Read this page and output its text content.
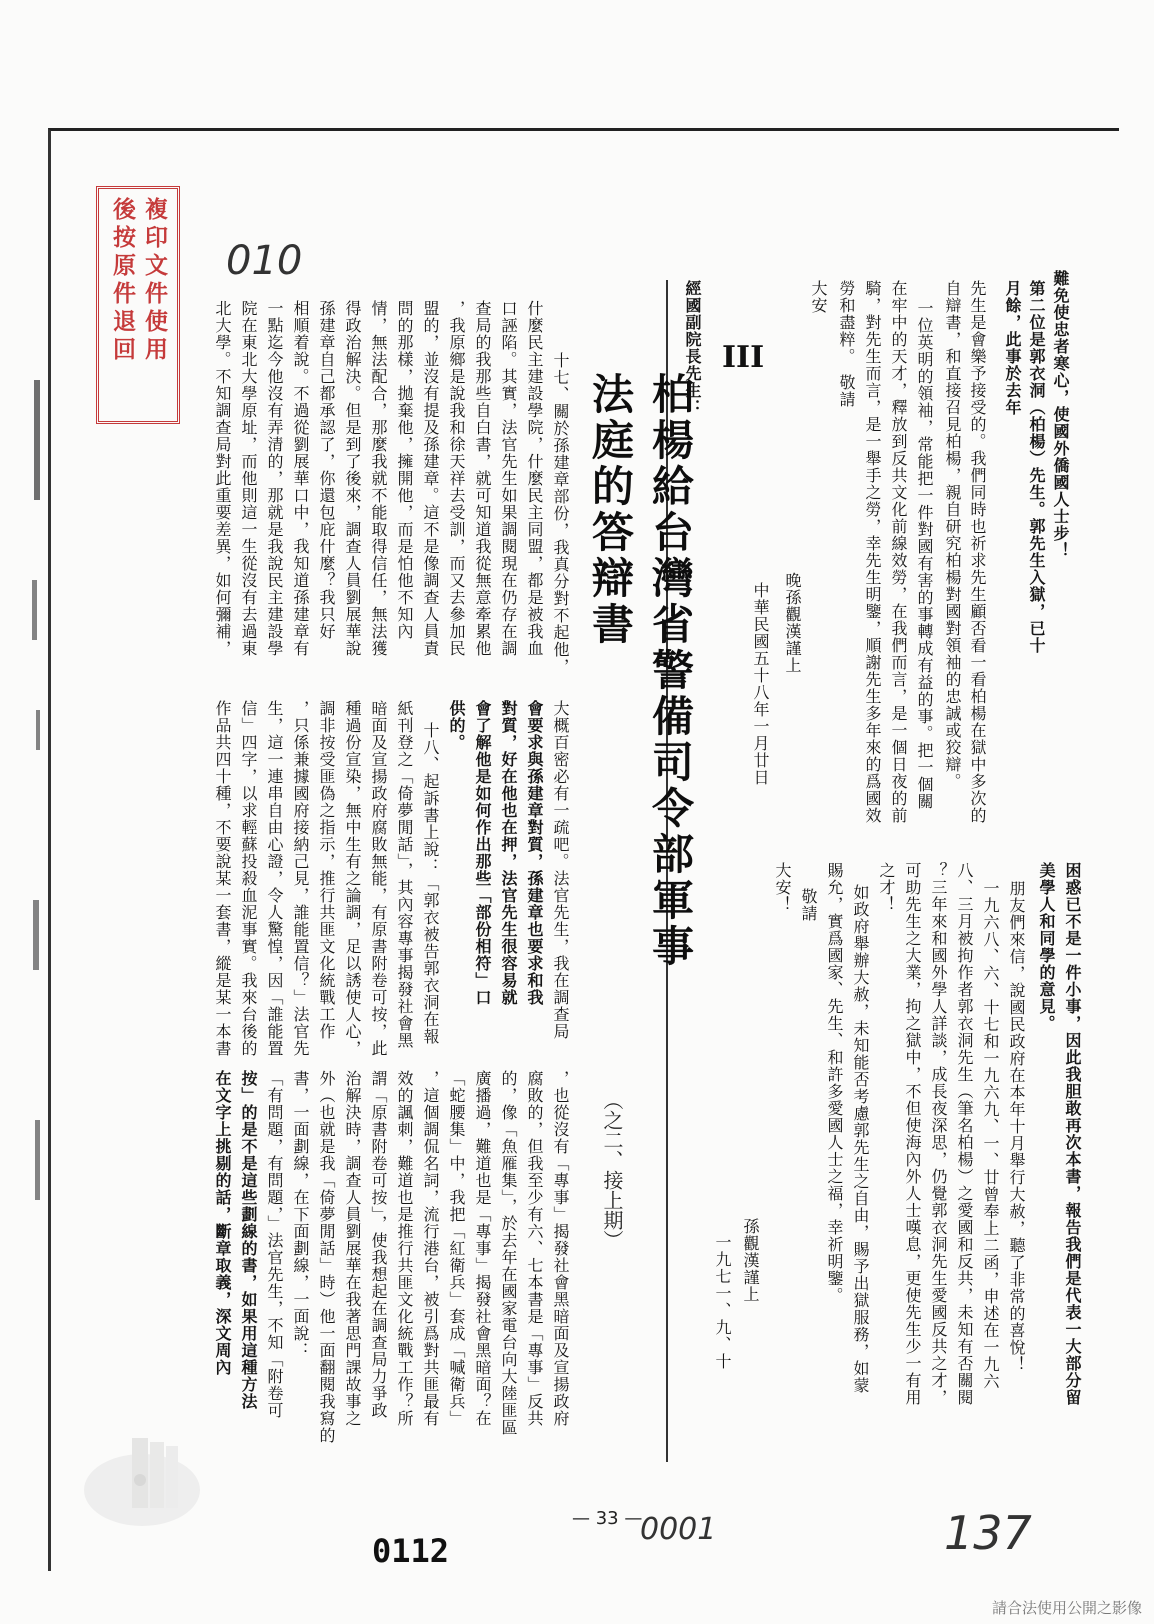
複印文件使用
後按原件退回 010
137
0001
0112
— 33 —
難免使忠者寒心，使國外僑國人士步！
第二位是郭衣洞（柏楊）先生。郭先生入獄，已十月餘，此事於去年
先生是會樂予接受的。我們同時也祈求先生顧否看一看柏楊在獄中多次的
自辯書，和直接召見柏楊，親自研究柏楊對國對領袖的忠誠或狡辯。
一位英明的領袖，常能把一件對國有害的事轉成有益的事。把一個關
在牢中的天才，釋放到反共文化前線效勞，在我們而言，是一個日夜的前
騎，對先生而言，是一舉手之勞，幸先生明鑒，順謝先生多年來的爲國效
勞和盡粹。　敬請
大安
晚孫觀漢謹上
中華民國五十八年一月廿日
困惑已不是一件小事，因此我胆敢再次本書，報告我們是代表一大部分留
美學人和同學的意見。
朋友們來信，說國民政府在本年十月舉行大赦，聽了非常的喜悅！
一九六八、六、十七和一九六九、一、廿曾奉上二函，申述在一九六
八、三月被拘作者郭衣洞先生（筆名柏楊）之愛國和反共，未知有否關閱
？三年來和國外學人詳談，成長夜深思，仍覺郭衣洞先生愛國反共之才，
可助先生之大業，拘之獄中，不但使海內外人士嘆息，更使先生少一有用
之才！
如政府舉辦大赦，未知能否考慮郭先生之自由，賜予出獄服務，如蒙
賜允，實爲國家、先生、和許多愛國人士之福，幸祈明鑒。
敬請
大安！
孫觀漢謹上
一九七一、九、十
III
經國副院長先生：
柏楊給台灣省警備司令部軍事法庭的答辯書
（之二、接上期）
十七、關於孫建章部份，我真分對不起他，
什麼民主建設學院，什麼民主同盟，都是被我血
口誣陷。其實，法官先生如果調閱現在仍存在調
查局的我那些自白書，就可知道我從無意牽累他
，我原鄉是說我和徐天祥去受訓，而又去參加民
盟的，並沒有提及孫建章。這不是像調查人員責
問的那樣，拋棄他，擁開他，而是怕他不知內
情，無法配合，那麼我就不能取得信任，無法獲
得政治解決。但是到了後來，調查人員劉展華說
孫建章自己都承認了，你還包庇什麼？我只好
相順着說。不過從劉展華口中，我知道孫建章有
一點迄今他沒有弄清的，那就是我說民主建設學
院在東北大學原址，而他則這一生從沒有去過東
北大學。不知調查局對此重要差異，如何彌補，
大概百密必有一疏吧。法官先生，我在調查局
會要求與孫建章對質，孫建章也要求和我
對質，好在他也在押，法官先生很容易就
會了解他是如何作出那些「部份相符」口
供的。
十八、起訴書上說：「郭衣被告郭衣洞在報
紙刊登之「倚夢閒話」，其內容專事揭發社會黑
暗面及宣揚政府腐敗無能，有原書附卷可按，此
種過份宣染，無中生有之論調，足以誘使人心，
調非按受匪偽之指示，推行共匪文化統戰工作
，只係兼據國府接納己見，誰能置信？」法官先
生，這一連串自由心證，令人驚惶，因「誰能置
信」四字，以求輕蘇投殺血泥事實。我來台後的
作品共四十種，不要說某一套書，縱是某一本書
，也從沒有「專事」揭發社會黑暗面及宣揚政府
腐敗的，但我至少有六、七本書是「專事」反共
的，像「魚雁集」，於去年在國家電台向大陸匪區
廣播過，難道也是「專事」揭發社會黑暗面？在
「蛇腰集」中，我把「紅衛兵」套成「喊衛兵」
，這個調侃名詞，流行港台，被引爲對共匪最有
效的諷刺，難道也是推行共匪文化統戰工作？所
謂「原書附卷可按」，使我想起在調查局力爭政
治解決時，調查人員劉展華在我著思門課故事之
外（也就是我「倚夢閒話」時）他一面翻閱我寫的
書，一面劃線，在下面劃線，一面說：
「有問題，有問題，」法官先生，不知「附卷可
按」的是不是這些劃線的書，如果用這種方法
在文字上挑剔的話，斷章取義，深文周內
請合法使用公開之影像
